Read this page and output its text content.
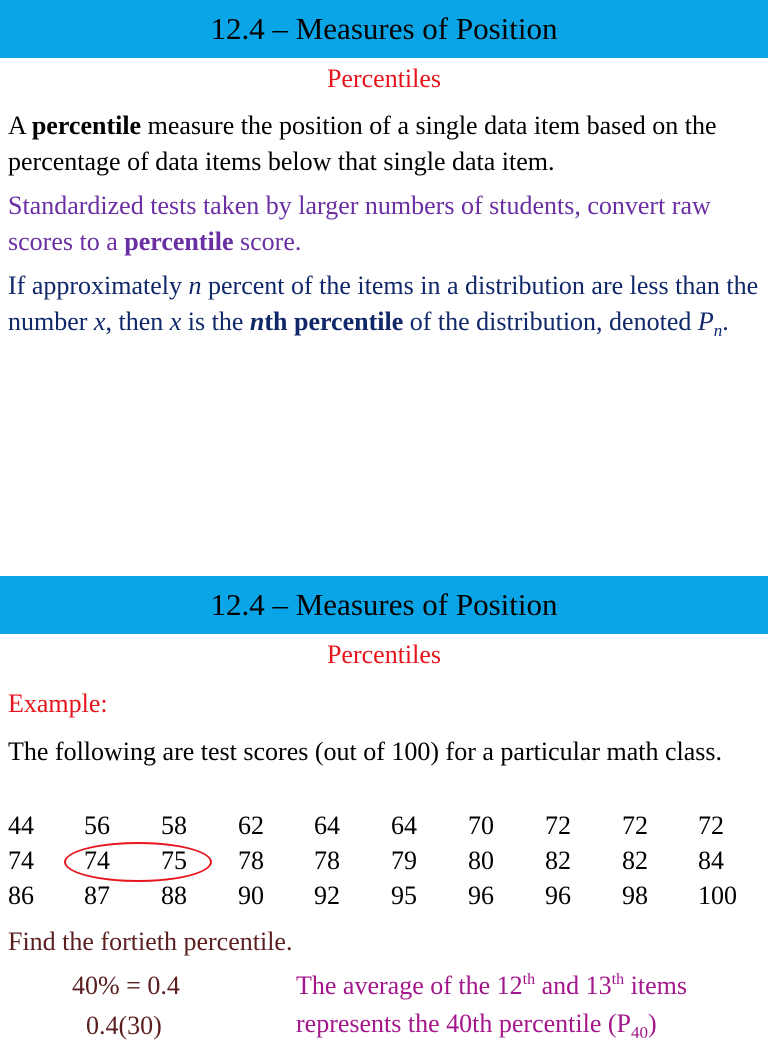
12.4 – Measures of Position
Percentiles
A percentile measure the position of a single data item based on the percentage of data items below that single data item.
Standardized tests taken by larger numbers of students, convert raw scores to a percentile score.
If approximately n percent of the items in a distribution are less than the number x, then x is the nth percentile of the distribution, denoted $P_n$.
12.4 – Measures of Position
Percentiles
Example:
The following are test scores (out of 100) for a particular math class.
44 56 58 62 64 64 70 72 72 72
74 74 75 78 78 79 80 82 82 84
86 87 88 90 92 95 96 96 98 100
Find the fortieth percentile.
40% = 0.4
0.4(30)
The average of the 12th and 13th items
represents the 40th percentile $(P_{40})$
